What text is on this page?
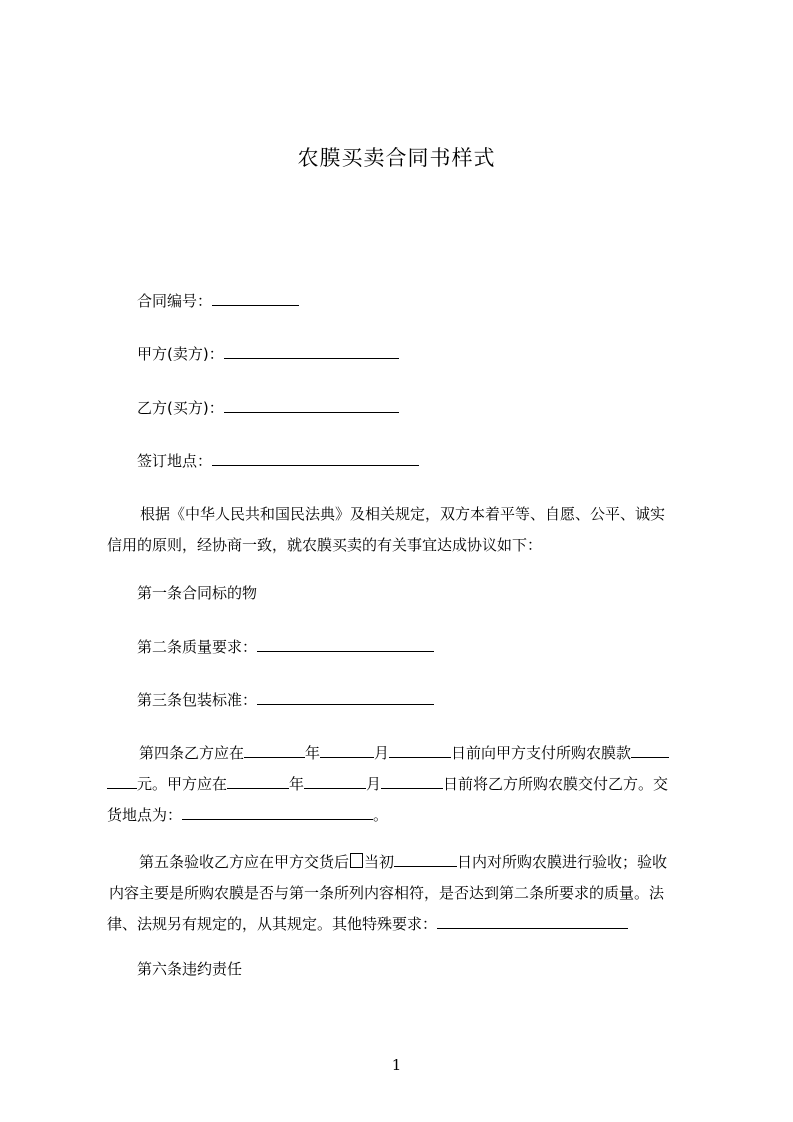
农膜买卖合同书样式
合同编号：
甲方(卖方)：
乙方(买方)：
签订地点：
根据《中华人民共和国民法典》及相关规定，双方本着平等、自愿、公平、诚实
信用的原则，经协商一致，就农膜买卖的有关事宜达成协议如下：
第一条合同标的物
第二条质量要求：
第三条包装标准：
第四条乙方应在	年	月	日前向甲方支付所购农膜款
元。甲方应在	年	月	日前将乙方所购农膜交付乙方。交
货地点为：	。
第五条验收乙方应在甲方交货后 当初	日内对所购农膜进行验收；验收
内容主要是所购农膜是否与第一条所列内容相符，是否达到第二条所要求的质量。法
律、法规另有规定的，从其规定。其他特殊要求：
第六条违约责任
1
